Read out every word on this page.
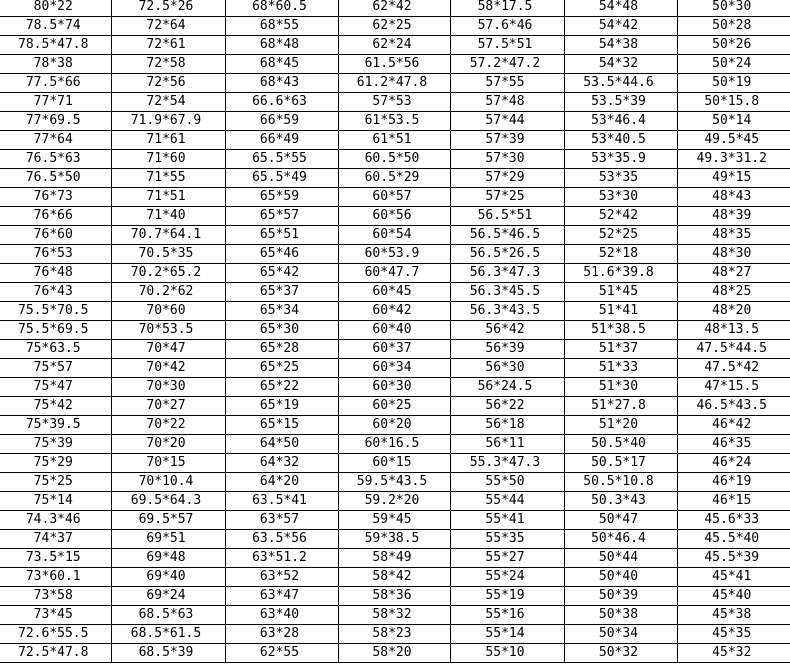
80*22	72.5*26	68*60.5	62*42	58*17.5	54*48	50*30
78.5*74	72*64	68*55	62*25	57.6*46	54*42	50*28
78.5*47.8	72*61	68*48	62*24	57.5*51	54*38	50*26
78*38	72*58	68*45	61.5*56	57.2*47.2	54*32	50*24
77.5*66	72*56	68*43	61.2*47.8	57*55	53.5*44.6	50*19
77*71	72*54	66.6*63	57*53	57*48	53.5*39	50*15.8
77*69.5	71.9*67.9	66*59	61*53.5	57*44	53*46.4	50*14
77*64	71*61	66*49	61*51	57*39	53*40.5	49.5*45
76.5*63	71*60	65.5*55	60.5*50	57*30	53*35.9	49.3*31.2
76.5*50	71*55	65.5*49	60.5*29	57*29	53*35	49*15
76*73	71*51	65*59	60*57	57*25	53*30	48*43
76*66	71*40	65*57	60*56	56.5*51	52*42	48*39
76*60	70.7*64.1	65*51	60*54	56.5*46.5	52*25	48*35
76*53	70.5*35	65*46	60*53.9	56.5*26.5	52*18	48*30
76*48	70.2*65.2	65*42	60*47.7	56.3*47.3	51.6*39.8	48*27
76*43	70.2*62	65*37	60*45	56.3*45.5	51*45	48*25
75.5*70.5	70*60	65*34	60*42	56.3*43.5	51*41	48*20
75.5*69.5	70*53.5	65*30	60*40	56*42	51*38.5	48*13.5
75*63.5	70*47	65*28	60*37	56*39	51*37	47.5*44.5
75*57	70*42	65*25	60*34	56*30	51*33	47.5*42
75*47	70*30	65*22	60*30	56*24.5	51*30	47*15.5
75*42	70*27	65*19	60*25	56*22	51*27.8	46.5*43.5
75*39.5	70*22	65*15	60*20	56*18	51*20	46*42
75*39	70*20	64*50	60*16.5	56*11	50.5*40	46*35
75*29	70*15	64*32	60*15	55.3*47.3	50.5*17	46*24
75*25	70*10.4	64*20	59.5*43.5	55*50	50.5*10.8	46*19
75*14	69.5*64.3	63.5*41	59.2*20	55*44	50.3*43	46*15
74.3*46	69.5*57	63*57	59*45	55*41	50*47	45.6*33
74*37	69*51	63.5*56	59*38.5	55*35	50*46.4	45.5*40
73.5*15	69*48	63*51.2	58*49	55*27	50*44	45.5*39
73*60.1	69*40	63*52	58*42	55*24	50*40	45*41
73*58	69*24	63*47	58*36	55*19	50*39	45*40
73*45	68.5*63	63*40	58*32	55*16	50*38	45*38
72.6*55.5	68.5*61.5	63*28	58*23	55*14	50*34	45*35
72.5*47.8	68.5*39	62*55	58*20	55*10	50*32	45*32
